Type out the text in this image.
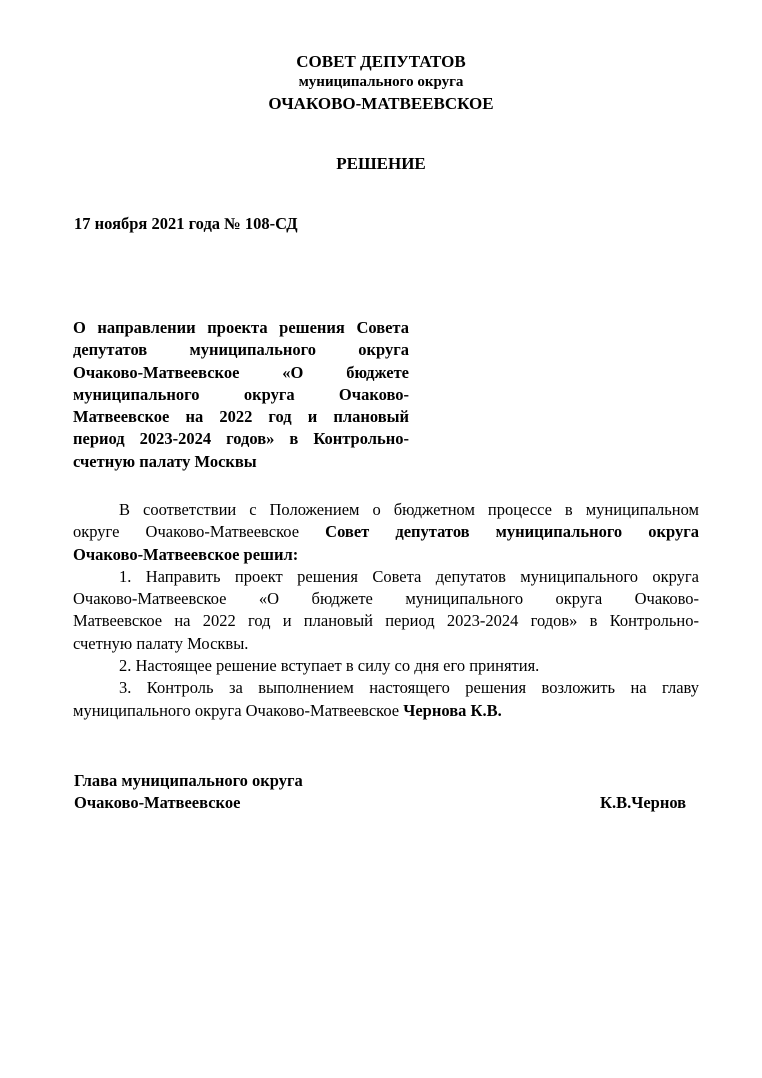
СОВЕТ ДЕПУТАТОВ
муниципального округа
ОЧАКОВО-МАТВЕЕВСКОЕ
РЕШЕНИЕ
17 ноября 2021 года № 108-СД
О направлении проекта решения Совета
депутатов муниципального округа
Очаково-Матвеевское «О бюджете
муниципального округа Очаково-
Матвеевское на 2022 год и плановый
период 2023-2024 годов» в Контрольно-
счетную палату Москвы
В соответствии с Положением о бюджетном процессе в муниципальном
округе Очаково-Матвеевское Совет депутатов муниципального округа
Очаково-Матвеевское решил:
1. Направить проект решения Совета депутатов муниципального округа
Очаково-Матвеевское «О бюджете муниципального округа Очаково-
Матвеевское на 2022 год и плановый период 2023-2024 годов» в Контрольно-
счетную палату Москвы.
2. Настоящее решение вступает в силу со дня его принятия.
3. Контроль за выполнением настоящего решения возложить на главу
муниципального округа Очаково-Матвеевское Чернова К.В.
Глава муниципального округа
Очаково-Матвеевское	К.В.Чернов
